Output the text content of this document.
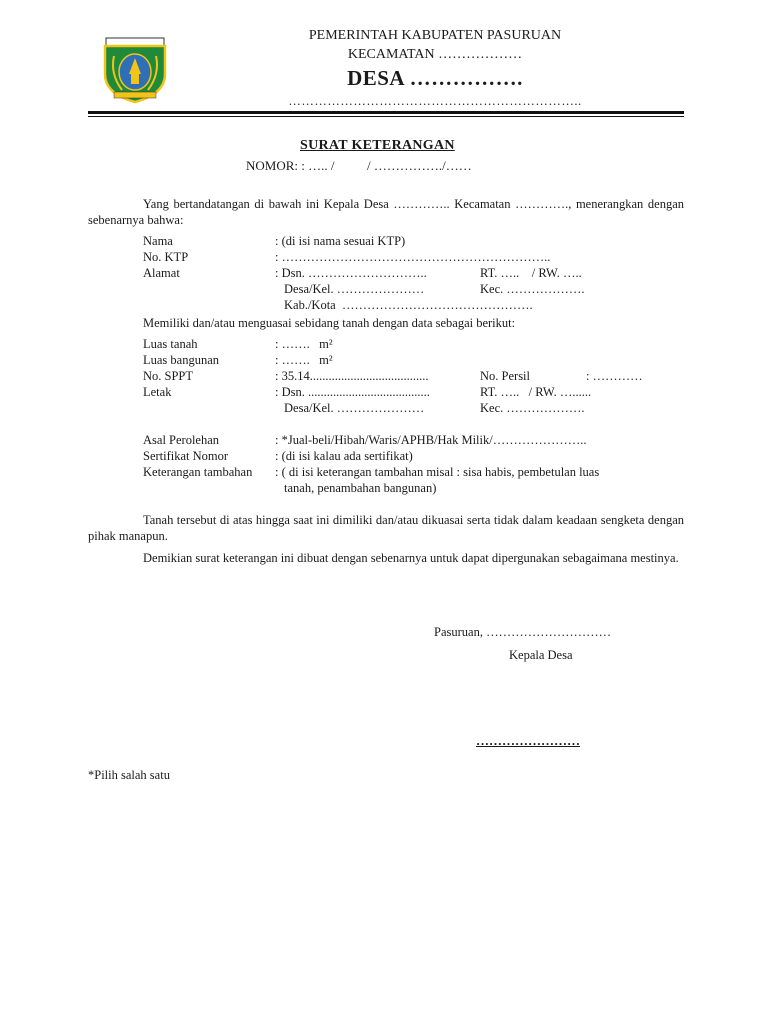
PEMERINTAH KABUPATEN PASURUAN
KECAMATAN ………………
DESA …………….
…………………………………………………………..
SURAT KETERANGAN
NOMOR: : ….. /          / ……………./……
Yang bertandatangan di bawah ini Kepala Desa ………….. Kecamatan …………., menerangkan dengan sebenarnya bahwa:
Nama	: (di isi nama sesuai KTP)
No. KTP	: ………………………………………………………..
Alamat	: Dsn. ………………………..	RT. …..    / RW. …..
Desa/Kel. …………………	Kec. ……………….
Kab./Kota  ……………………………………….
Memiliki dan/atau menguasai sebidang tanah dengan data sebagai berikut:
Luas tanah	: …….   m²
Luas bangunan	: …….   m²
No. SPPT	: 35.14......................................	No. Persil	: …………
Letak	: Dsn. .......................................	RT. …..   / RW. …......
Desa/Kel. …………………	Kec. ……………….
Asal Perolehan	: *Jual-beli/Hibah/Waris/APHB/Hak Milik/…………………..
Sertifikat Nomor	: (di isi kalau ada sertifikat)
Keterangan tambahan : ( di isi keterangan tambahan misal : sisa habis, pembetulan luas
tanah, penambahan bangunan)
Tanah tersebut di atas hingga saat ini dimiliki dan/atau dikuasai serta tidak dalam keadaan sengketa dengan pihak manapun.
Demikian surat keterangan ini dibuat dengan sebenarnya untuk dapat dipergunakan sebagaimana mestinya.
Pasuruan, …………………………
Kepala Desa
……………………
*Pilih salah satu
